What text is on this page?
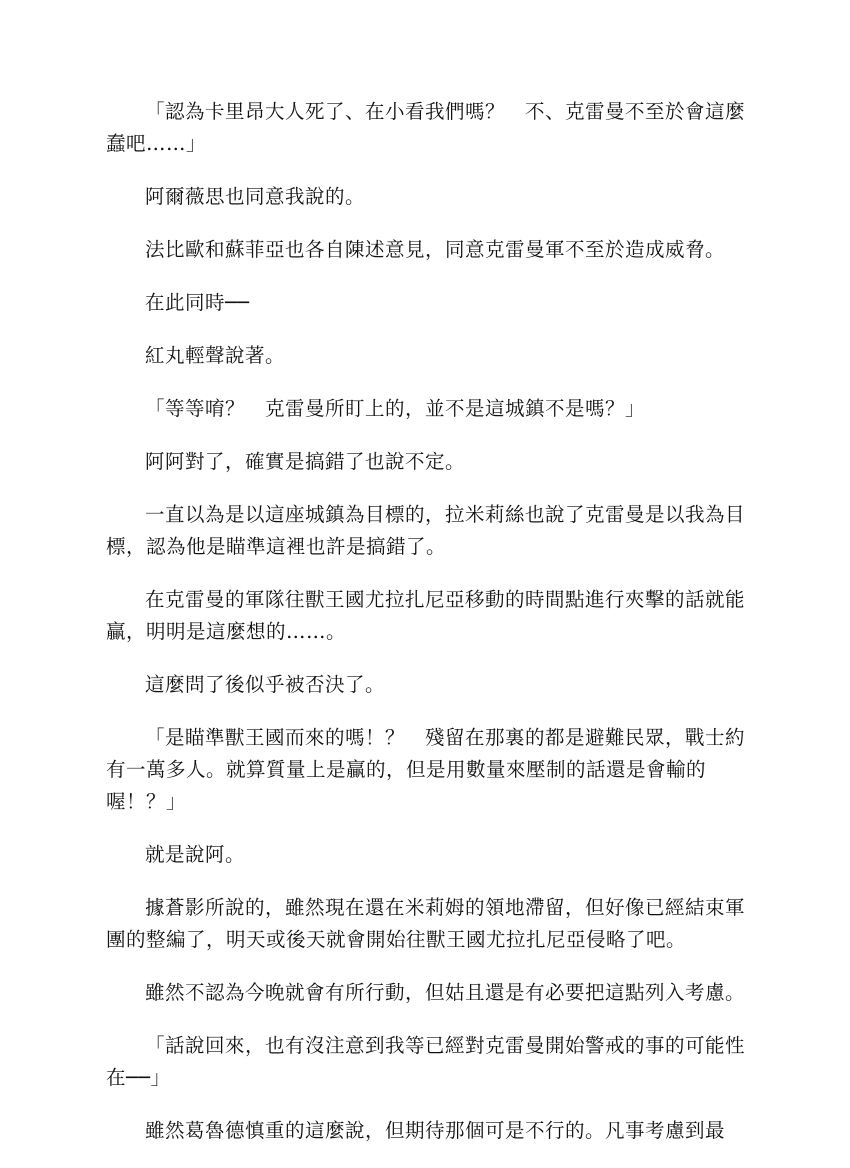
「認為卡里昂大人死了、在小看我們嗎？　不、克雷曼不至於會這麼蠢吧……」

阿爾薇思也同意我說的。

法比歐和蘇菲亞也各自陳述意見，同意克雷曼軍不至於造成威脅。

在此同時──

紅丸輕聲說著。

「等等唷？　克雷曼所盯上的，並不是這城鎮不是嗎？」

阿阿對了，確實是搞錯了也說不定。

一直以為是以這座城鎮為目標的，拉米莉絲也說了克雷曼是以我為目標，認為他是瞄準這裡也許是搞錯了。

在克雷曼的軍隊往獸王國尤拉扎尼亞移動的時間點進行夾擊的話就能贏，明明是這麼想的……。

這麼問了後似乎被否決了。

「是瞄準獸王國而來的嗎！？　殘留在那裏的都是避難民眾，戰士約有一萬多人。就算質量上是贏的，但是用數量來壓制的話還是會輸的喔！？」

就是說阿。

據蒼影所說的，雖然現在還在米莉姆的領地滯留，但好像已經結束軍團的整編了，明天或後天就會開始往獸王國尤拉扎尼亞侵略了吧。

雖然不認為今晚就會有所行動，但姑且還是有必要把這點列入考慮。

「話說回來，也有沒注意到我等已經對克雷曼開始警戒的事的可能性在──」

雖然葛魯德慎重的這麼說，但期待那個可是不行的。凡事考慮到最
